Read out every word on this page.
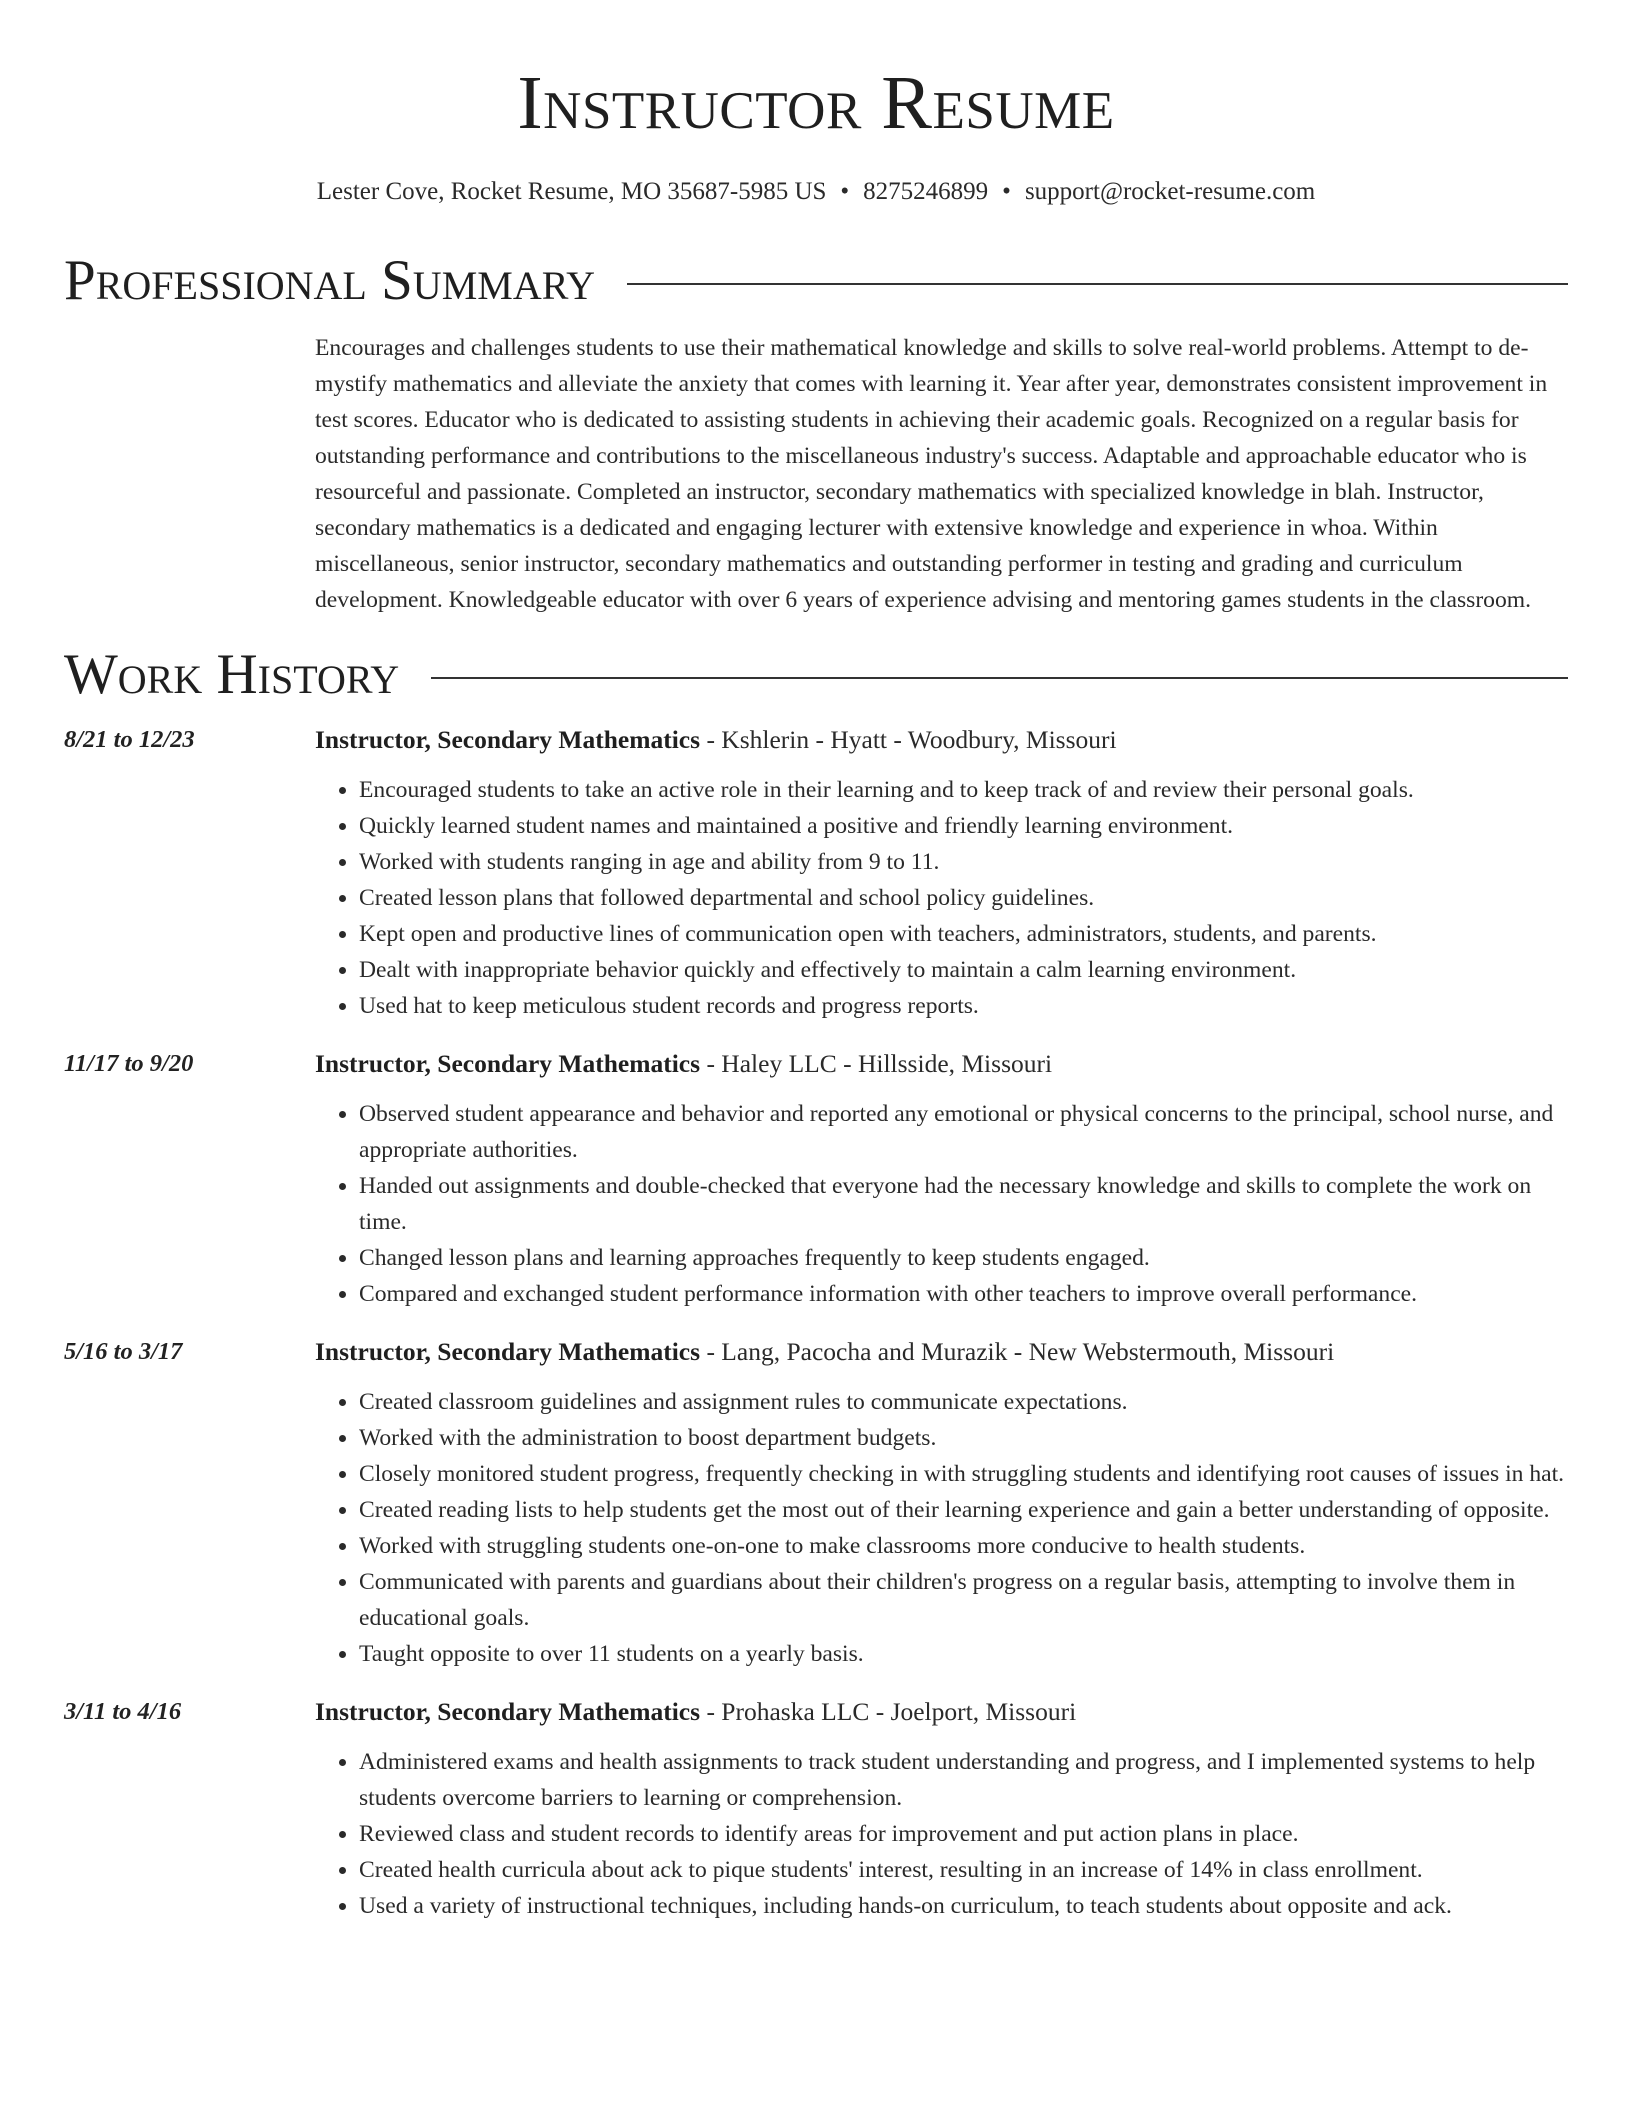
Instructor Resume
Lester Cove, Rocket Resume, MO 35687-5985 US • 8275246899 • support@rocket-resume.com
Professional Summary

Encourages and challenges students to use their mathematical knowledge and skills to solve real-world problems. Attempt to de-mystify mathematics and alleviate the anxiety that comes with learning it. Year after year, demonstrates consistent improvement in test scores. Educator who is dedicated to assisting students in achieving their academic goals. Recognized on a regular basis for outstanding performance and contributions to the miscellaneous industry's success. Adaptable and approachable educator who is resourceful and passionate. Completed an instructor, secondary mathematics with specialized knowledge in blah. Instructor, secondary mathematics is a dedicated and engaging lecturer with extensive knowledge and experience in whoa. Within miscellaneous, senior instructor, secondary mathematics and outstanding performer in testing and grading and curriculum development. Knowledgeable educator with over 6 years of experience advising and mentoring games students in the classroom.

Work History
8/21 to 12/23	Instructor, Secondary Mathematics - Kshlerin - Hyatt - Woodbury, Missouri
• Encouraged students to take an active role in their learning and to keep track of and review their personal goals.
• Quickly learned student names and maintained a positive and friendly learning environment.
• Worked with students ranging in age and ability from 9 to 11.
• Created lesson plans that followed departmental and school policy guidelines.
• Kept open and productive lines of communication open with teachers, administrators, students, and parents.
• Dealt with inappropriate behavior quickly and effectively to maintain a calm learning environment.
• Used hat to keep meticulous student records and progress reports.
11/17 to 9/20	Instructor, Secondary Mathematics - Haley LLC - Hillsside, Missouri
• Observed student appearance and behavior and reported any emotional or physical concerns to the principal, school nurse, and appropriate authorities.
• Handed out assignments and double-checked that everyone had the necessary knowledge and skills to complete the work on time.
• Changed lesson plans and learning approaches frequently to keep students engaged.
• Compared and exchanged student performance information with other teachers to improve overall performance.
5/16 to 3/17	Instructor, Secondary Mathematics - Lang, Pacocha and Murazik - New Webstermouth, Missouri
• Created classroom guidelines and assignment rules to communicate expectations.
• Worked with the administration to boost department budgets.
• Closely monitored student progress, frequently checking in with struggling students and identifying root causes of issues in hat.
• Created reading lists to help students get the most out of their learning experience and gain a better understanding of opposite.
• Worked with struggling students one-on-one to make classrooms more conducive to health students.
• Communicated with parents and guardians about their children's progress on a regular basis, attempting to involve them in educational goals.
• Taught opposite to over 11 students on a yearly basis.
3/11 to 4/16	Instructor, Secondary Mathematics - Prohaska LLC - Joelport, Missouri
• Administered exams and health assignments to track student understanding and progress, and I implemented systems to help students overcome barriers to learning or comprehension.
• Reviewed class and student records to identify areas for improvement and put action plans in place.
• Created health curricula about ack to pique students' interest, resulting in an increase of 14% in class enrollment.
• Used a variety of instructional techniques, including hands-on curriculum, to teach students about opposite and ack.
